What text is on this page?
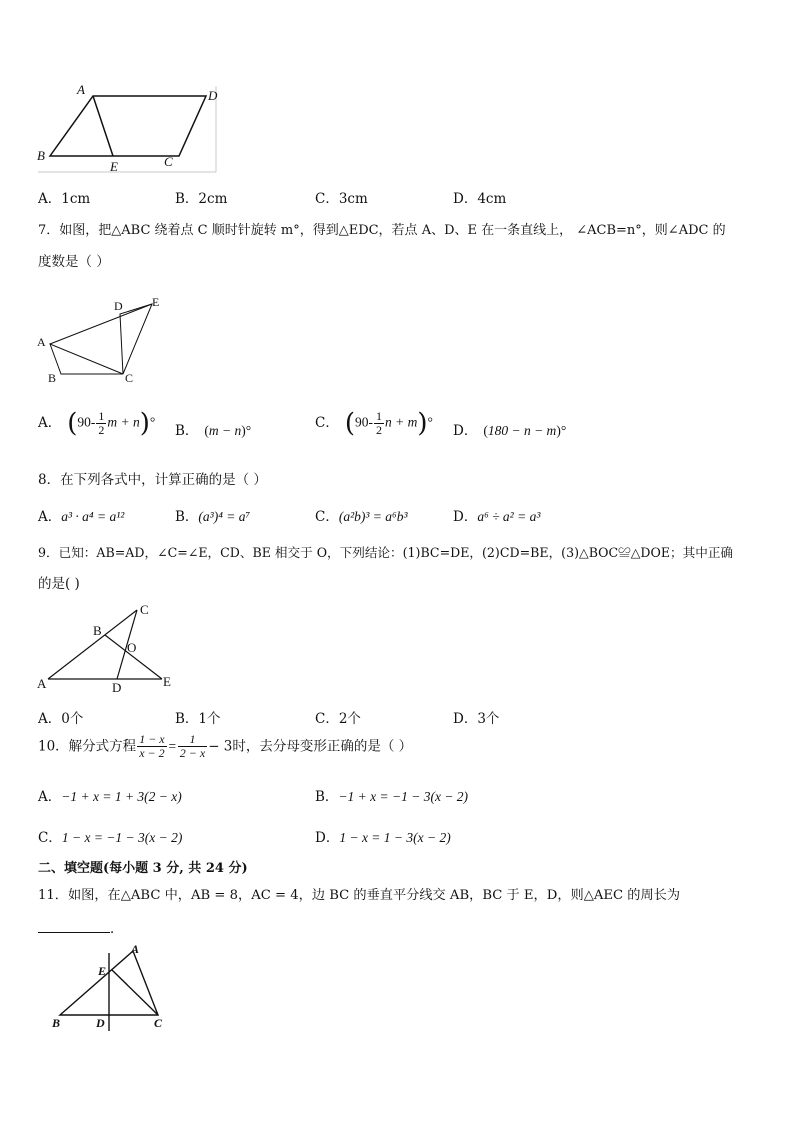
A	D
B
E	C
A．1cm	B．2cm	C．3cm	D．4cm
7．如图，把△ABC 绕着点 C 顺时针旋转 m°，得到△EDC，若点 A、D、E 在一条直线上， ∠ACB=n°，则∠ADC 的
度数是（ ）
D E
A
B	C
A． ($90- \frac{1}{2}$ m + n)°
B． (m − n)°	C． ($90- \frac{1}{2}$ n + m)°
D． (180 − n − m)°
8．在下列各式中，计算正确的是（ ）
A．a³ · a⁴ = a¹²	B．(a³)⁴ = a⁷	C．(a²b)³ = a⁶b³	D．a⁶ ÷ a² = a³
9．已知：AB=AD，∠C=∠E，CD、BE 相交于 O，下列结论：(1)BC=DE，(2)CD=BE，(3)△BOC≌△DOE；其中正确
的是( )
C
B
O
A	D	E
A．0个	B．1个	C．2个	D．3个
10．解分式方程 $\frac{1 - x}{x - 2} = \frac{1}{2 - x} - 3$时，去分母变形正确的是（ ）
A．−1 + x = 1 + 3(2 − x)	B．−1 + x = −1 − 3(x − 2)
C．1 − x = −1 − 3(x − 2)	D．1 − x = 1 − 3(x − 2)
二、填空题(每小题 3 分, 共 24 分)
11．如图，在△ABC 中，AB = 8，AC = 4，边 BC 的垂直平分线交 AB，BC 于 E，D，则△AEC 的周长为
．
A
E
B	D	C
